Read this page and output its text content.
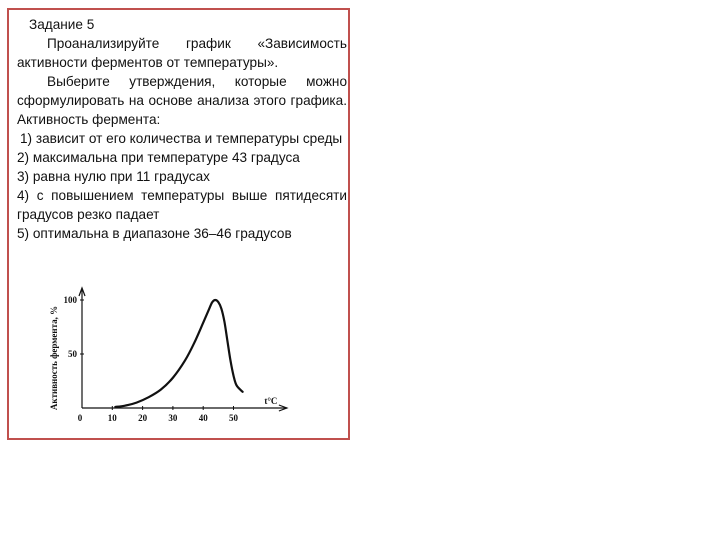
Задание 5

Проанализируйте график «Зависимость активности ферментов от температуры».

Выберите утверждения, которые можно сформулировать на основе анализа этого графика. Активность фермента:

1) зависит от его количества и температуры среды

2) максимальна при температуре 43 градуса

3) равна нулю при 11 градусах

4) с повышением температуры выше пятидесяти градусов резко падает

5) оптимальна в диапазоне 36–46 градусов

0	10 20 30 40 50
t°C
50
100
Активность фермента, %
